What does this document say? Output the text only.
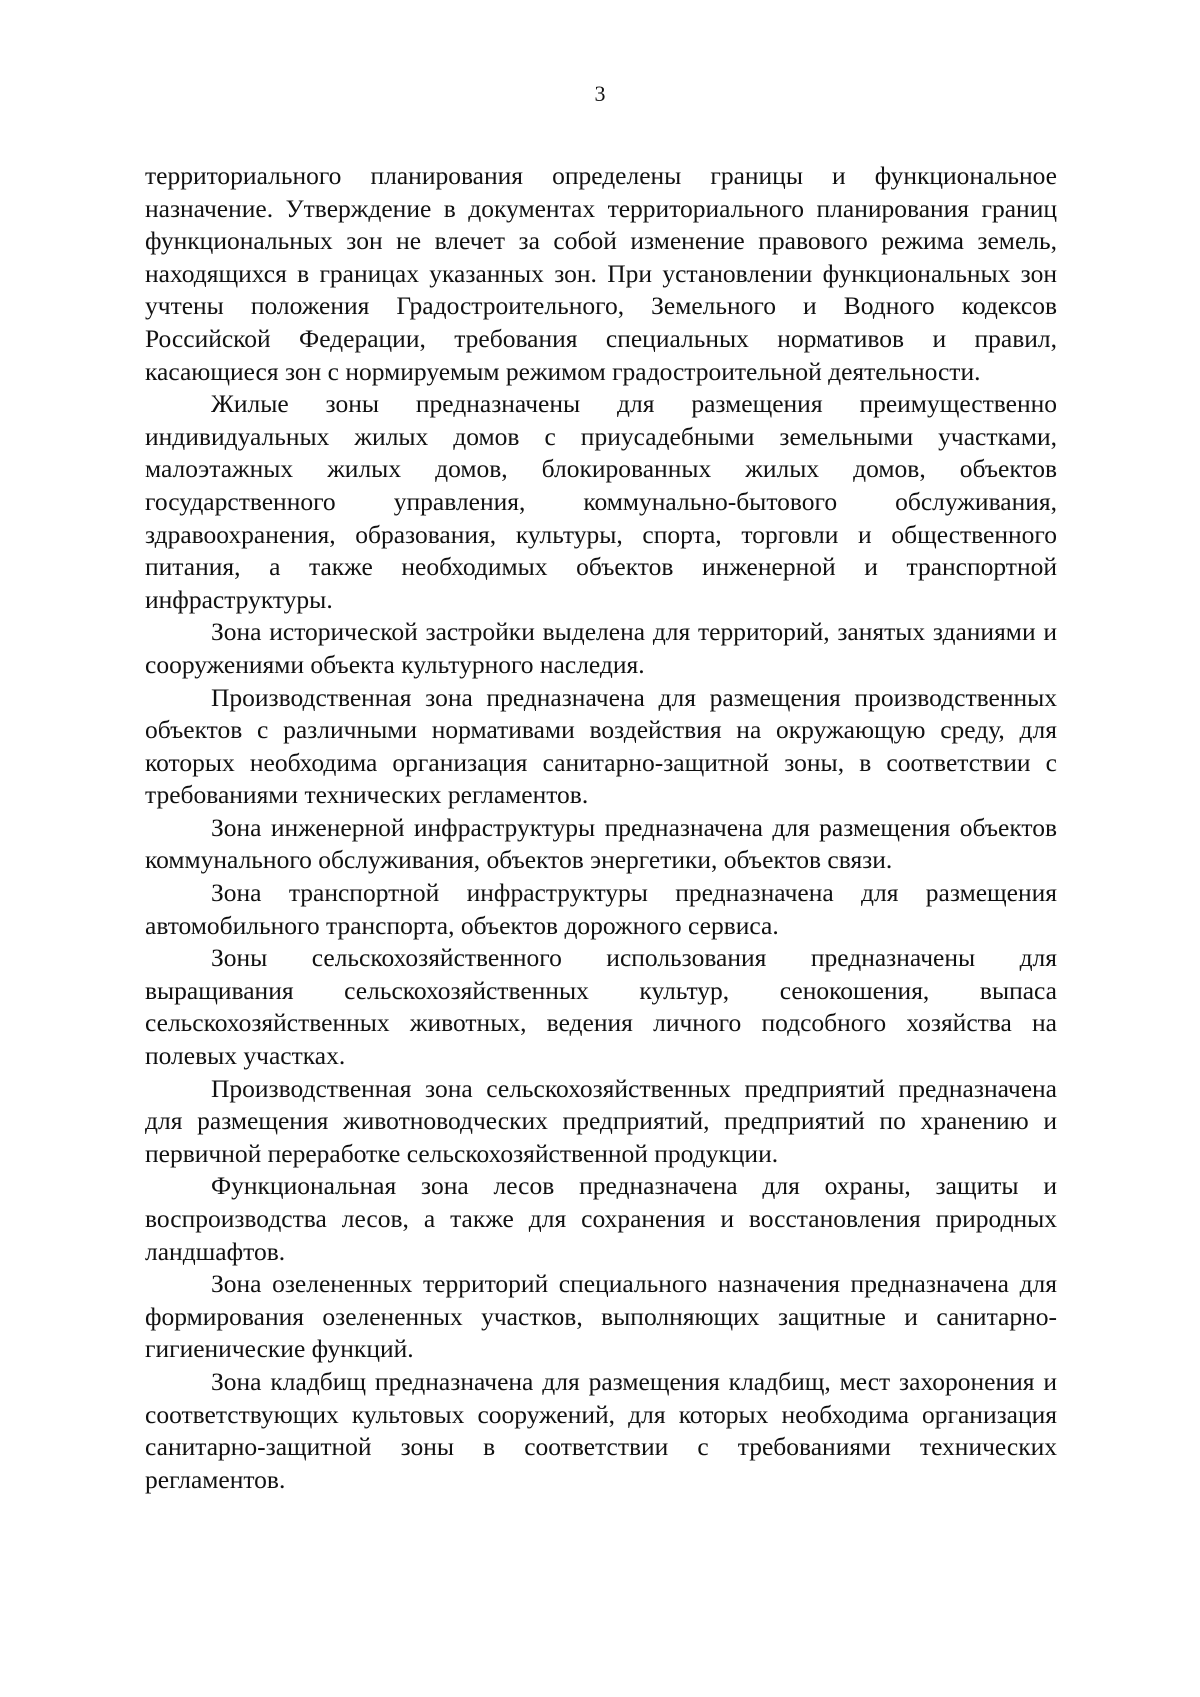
3

территориального планирования определены границы и функциональное назначение. Утверждение в документах территориального планирования границ функциональных зон не влечет за собой изменение правового режима земель, находящихся в границах указанных зон. При установлении функциональных зон учтены положения Градостроительного, Земельного и Водного кодексов Российской Федерации, требования специальных нормативов и правил, касающиеся зон с нормируемым режимом градостроительной деятельности.

Жилые зоны предназначены для размещения преимущественно индивидуальных жилых домов с приусадебными земельными участками, малоэтажных жилых домов, блокированных жилых домов, объектов государственного управления, коммунально-бытового обслуживания, здравоохранения, образования, культуры, спорта, торговли и общественного питания, а также необходимых объектов инженерной и транспортной инфраструктуры.

Зона исторической застройки выделена для территорий, занятых зданиями и сооружениями объекта культурного наследия.

Производственная зона предназначена для размещения производственных объектов с различными нормативами воздействия на окружающую среду, для которых необходима организация санитарно-защитной зоны, в соответствии с требованиями технических регламентов.

Зона инженерной инфраструктуры предназначена для размещения объектов коммунального обслуживания, объектов энергетики, объектов связи.

Зона транспортной инфраструктуры предназначена для размещения автомобильного транспорта, объектов дорожного сервиса.

Зоны сельскохозяйственного использования предназначены для выращивания сельскохозяйственных культур, сенокошения, выпаса сельскохозяйственных животных, ведения личного подсобного хозяйства на полевых участках.

Производственная зона сельскохозяйственных предприятий предназначена для размещения животноводческих предприятий, предприятий по хранению и первичной переработке сельскохозяйственной продукции.

Функциональная зона лесов предназначена для охраны, защиты и воспроизводства лесов, а также для сохранения и восстановления природных ландшафтов.

Зона озелененных территорий специального назначения предназначена для формирования озелененных участков, выполняющих защитные и санитарно-гигиенические функций.

Зона кладбищ предназначена для размещения кладбищ, мест захоронения и соответствующих культовых сооружений, для которых необходима организация санитарно-защитной зоны в соответствии с требованиями технических регламентов.
